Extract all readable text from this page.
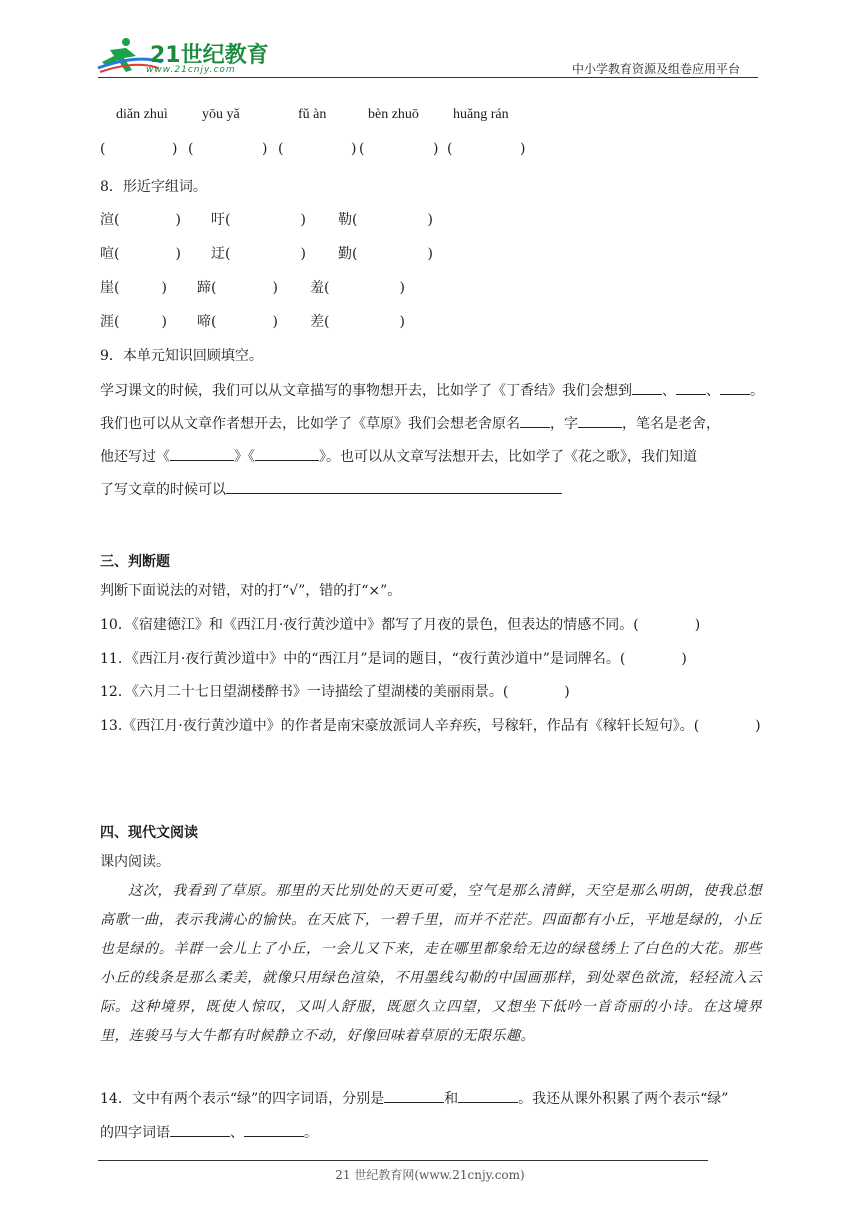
21世纪教育
www.21cnjy.com	中小学教育资源及组卷应用平台
diǎn zhuì yōu yǎ	fǔ àn	bèn zhuō huǎng rán
(	) (	) (	) (	) (	)
8．形近字组词。
渲(　　　　) 吁(　　　　　) 勒(　　　　　)
喧(　　　　) 迂(　　　　　) 勤(　　　　　)
崖(　　　) 蹄(　　　　) 羞(　　　　　)
涯(　　　) 啼(　　　　) 差(　　　　　)
9．本单元知识回顾填空。
学习课文的时候，我们可以从文章描写的事物想开去，比如学了《丁香结》我们会想到 、 、 。
我们也可以从文章作者想开去，比如学了《草原》我们会想老舍原名 ，字	，笔名是老舍，
他还写过《	》《	》。也可以从文章写法想开去，比如学了《花之歌》，我们知道
了写文章的时候可以
三、判断题
判断下面说法的对错，对的打“√”，错的打“×”。
10．《宿建德江》和《西江月·夜行黄沙道中》都写了月夜的景色，但表达的情感不同。(　　　　)
11．《西江月·夜行黄沙道中》中的“西江月”是词的题目，“夜行黄沙道中”是词牌名。(　　　　)
12．《六月二十七日望湖楼醉书》一诗描绘了望湖楼的美丽雨景。(　　　　)
13.《西江月·夜行黄沙道中》的作者是南宋豪放派词人辛弃疾，号稼轩，作品有《稼轩长短句》。(　　　　)
四、现代文阅读
课内阅读。
这次，我看到了草原。那里的天比别处的天更可爱，空气是那么清鲜，天空是那么明朗，使我总想高歌一曲，表示我满心的愉快。在天底下，一碧千里，而并不茫茫。四面都有小丘，平地是绿的，小丘也是绿的。羊群一会儿上了小丘，一会儿又下来，走在哪里都象给无边的绿毯绣上了白色的大花。那些小丘的线条是那么柔美，就像只用绿色渲染，不用墨线勾勒的中国画那样，到处翠色欲流，轻轻流入云际。这种境界，既使人惊叹，又叫人舒服，既愿久立四望，又想坐下低吟一首奇丽的小诗。在这境界里，连骏马与大牛都有时候静立不动，好像回味着草原的无限乐趣。
14．文中有两个表示“绿”的四字词语，分别是	和	。我还从课外积累了两个表示“绿”
的四字词语	、	。
21 世纪教育网(www.21cnjy.com)
